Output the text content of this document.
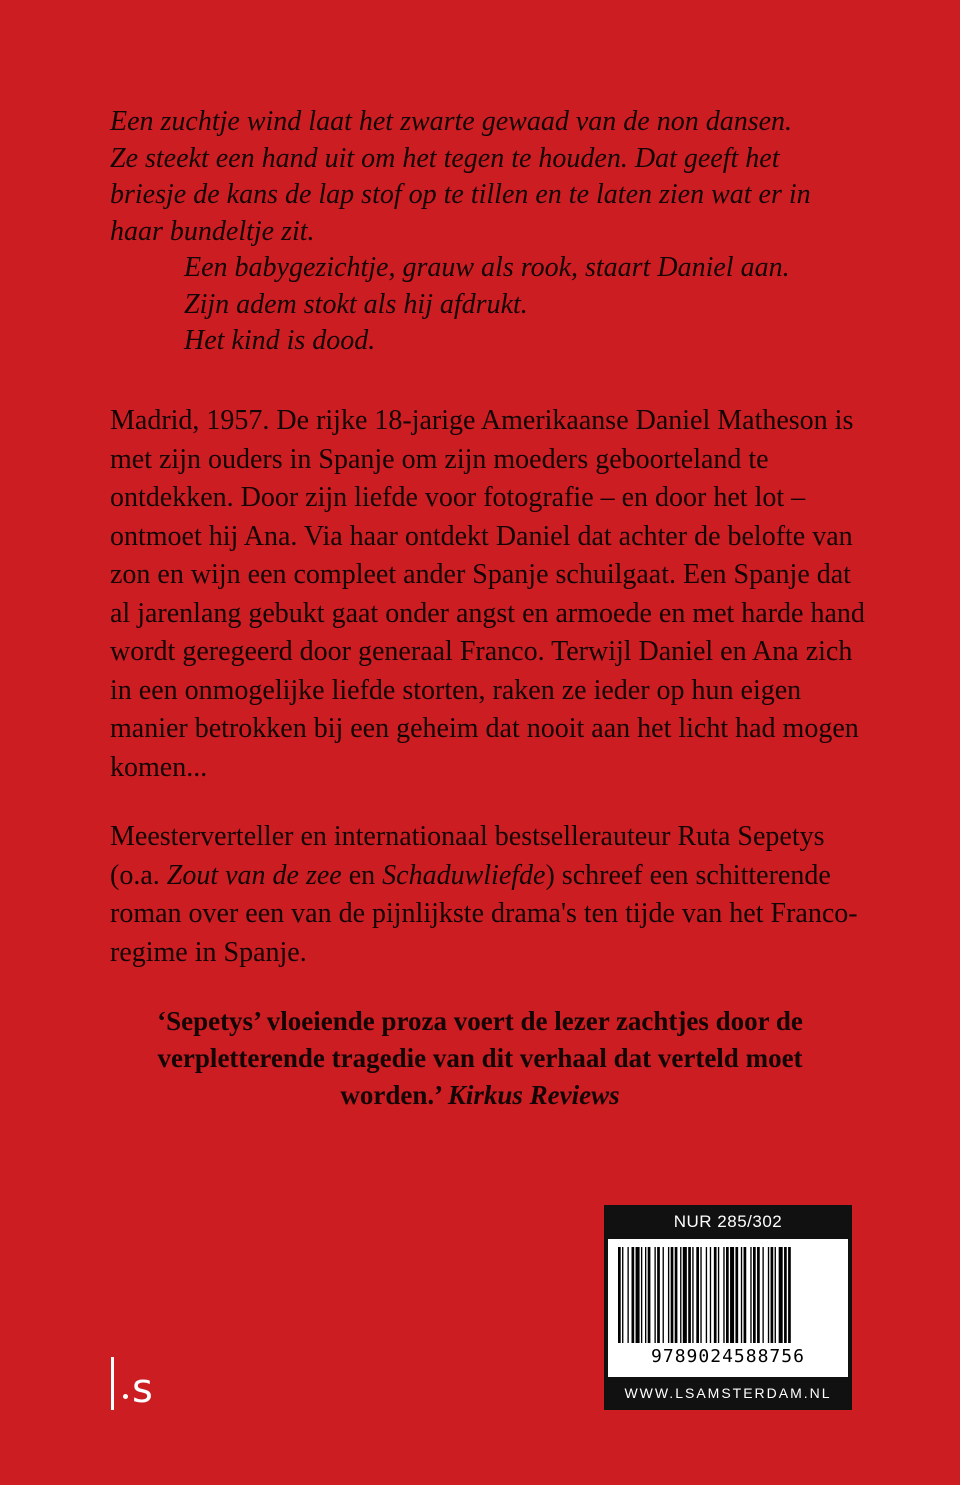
Een zuchtje wind laat het zwarte gewaad van de non dansen.

Ze steekt een hand uit om het tegen te houden. Dat geeft het

briesje de kans de lap stof op te tillen en te laten zien wat er in

haar bundeltje zit.

Een babygezichtje, grauw als rook, staart Daniel aan.

Zijn adem stokt als hij afdrukt.

Het kind is dood.

Madrid, 1957. De rijke 18-jarige Amerikaanse Daniel Matheson is met zijn ouders in Spanje om zijn moeders geboorteland te ontdekken. Door zijn liefde voor fotografie – en door het lot – ontmoet hij Ana. Via haar ontdekt Daniel dat achter de belofte van zon en wijn een compleet ander Spanje schuilgaat. Een Spanje dat al jarenlang gebukt gaat onder angst en armoede en met harde hand wordt geregeerd door generaal Franco. Terwijl Daniel en Ana zich in een onmogelijke liefde storten, raken ze ieder op hun eigen manier betrokken bij een geheim dat nooit aan het licht had mogen komen...
Meesterverteller en internationaal bestsellerauteur Ruta Sepetys (o.a. Zout van de zee en Schaduwliefde) schreef een schitterende roman over een van de pijnlijkste drama's ten tijde van het Franco-regime in Spanje.
‘Sepetys’ vloeiende proza voert de lezer zachtjes door de verpletterende tragedie van dit verhaal dat verteld moet worden.’ Kirkus Reviews
s
NUR 285/302
9789024588756
WWW.LSAMSTERDAM.NL
